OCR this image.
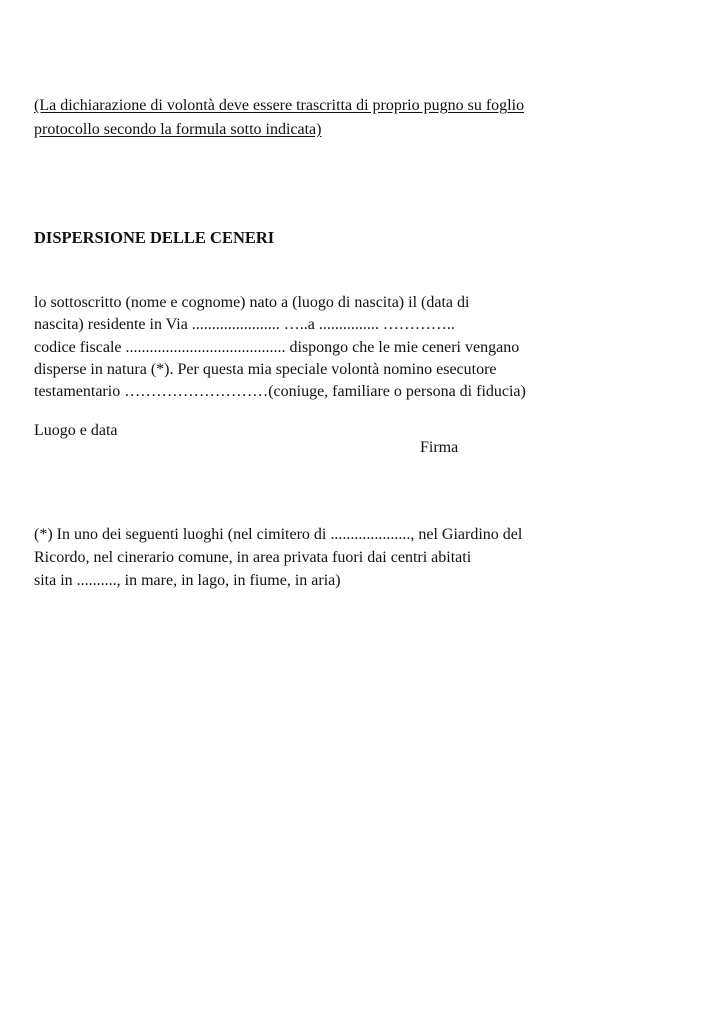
(La dichiarazione di volontà deve essere trascritta di proprio pugno su foglio
protocollo secondo la formula sotto indicata)
DISPERSIONE DELLE CENERI
lo sottoscritto (nome e cognome) nato a (luogo di nascita) il (data di
nascita) residente in Via ...................... …..a ............... …………..
codice fiscale ........................................ dispongo che le mie ceneri vengano
disperse in natura (*). Per questa mia speciale volontà nomino esecutore
testamentario ………………………(coniuge, familiare o persona di fiducia)
Luogo e data
Firma
(*) In uno dei seguenti luoghi (nel cimitero di ...................., nel Giardino del
Ricordo, nel cinerario comune, in area privata fuori dai centri abitati
sita in .........., in mare, in lago, in fiume, in aria)
